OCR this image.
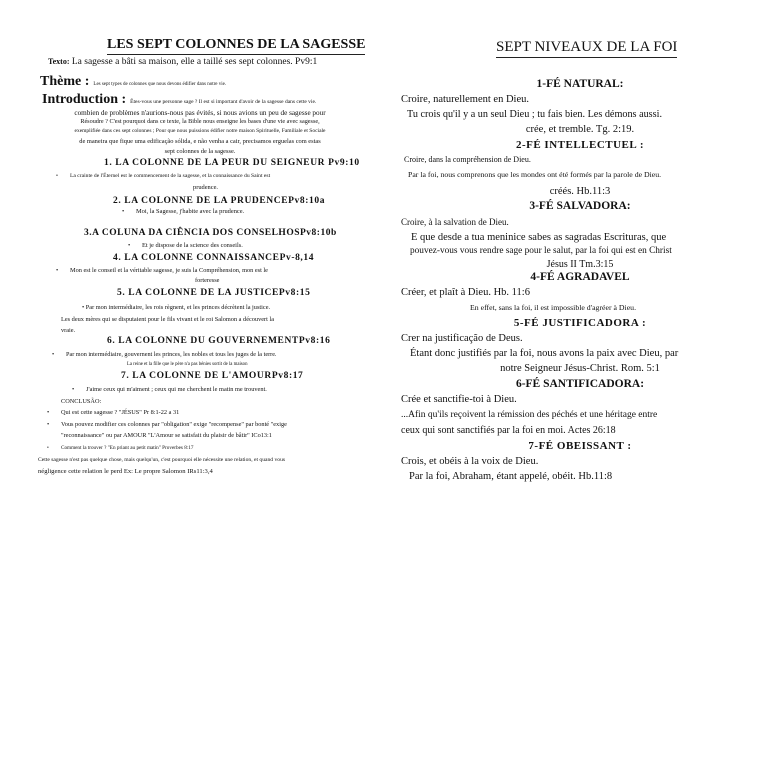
LES SEPT COLONNES DE LA SAGESSE
Texto: La sagesse a bâti sa maison, elle a taillé ses sept colonnes. Pv9:1
Thème : Les sept types de colonnes que nous devons édifier dans notre vie.
Introduction : Êtes-vous une personne sage ? Il est si important d'avoir de la sagesse dans cette vie.
combien de problèmes n'aurions-nous pas évités, si nous avions un peu de sagesse pour
Résoudre ? C'est pourquoi dans ce texte, la Bible nous enseigne les bases d'une vie avec sagesse,
exemplifiée dans ces sept colonnes ; Pour que nous puissions édifier notre maison Spirituelle, Familiale et Sociale
de maneira que fique uma edificação sólida, e não venha a cair, precisamos erguelas com estas
sept colonnes de la sagesse.
1. LA COLONNE DE LA PEUR DU SEIGNEUR Pv9:10
• La crainte de l'Éternel est le commencement de la sagesse, et la connaissance du Saint est
prudence.
2. LA COLONNE DE LA PRUDENCEPv8:10a
• Moi, la Sagesse, j'habite avec la prudence.
3.A COLUNA DA CIÊNCIA DOS CONSELHOSPv8:10b
• Et je dispose de la science des conseils.
4. LA COLONNE CONNAISSANCEPv-8,14
• Mon est le conseil et la véritable sagesse, je suis la Compréhension, mon est le
forteresse
5. LA COLONNE DE LA JUSTICEPv8:15
• Par mon intermédiaire, les rois règnent, et les princes décrètent la justice.
Les deux mères qui se disputaient pour le fils vivant et le roi Salomon a découvert la
vraie.
6. LA COLONNE DU GOUVERNEMENTPv8:16
• Par mon intermédiaire, gouvernent les princes, les nobles et tous les juges de la terre.
La reine et la fille que le père n'a pas bénies sortit de la maison
7. LA COLONNE DE L'AMOURPv8:17
• J'aime ceux qui m'aiment ; ceux qui me cherchent le matin me trouvent.
CONCLUSÃO:
• Qui est cette sagesse ? "JÉSUS" Pr 8:1-22 a 31
• Vous pouvez modifier ces colonnes par "obligation" exige "recompense" par bonté "exige
"reconnaissance" ou par AMOUR "L'Amour se satisfait du plaisir de bâtir" ICo13:1
• Comment la trouver ? "En priant au petit matin" Proverbes 8:17
Cette sagesse n'est pas quelque chose, mais quelqu'un, c'est pourquoi elle nécessite une relation, et quand vous
négligence cette relation le perd Ex: Le propre Salomon IRs11:3,4
SEPT NIVEAUX DE LA FOI
1-FÉ NATURAL:
Croire, naturellement en Dieu.
Tu crois qu'il y a un seul Dieu ; tu fais bien. Les démons aussi.
crée, et tremble. Tg. 2:19.
2-FÉ INTELLECTUEL :
Croire, dans la compréhension de Dieu.
Par la foi, nous comprenons que les mondes ont été formés par la parole de Dieu.
créés. Hb.11:3
3-FÉ SALVADORA:
Croire, à la salvation de Dieu.
E que desde a tua meninice sabes as sagradas Escrituras, que
pouvez-vous vous rendre sage pour le salut, par la foi qui est en Christ
Jésus II Tm.3:15
4-FÉ AGRADAVEL
Créer, et plaît à Dieu. Hb. 11:6
En effet, sans la foi, il est impossible d'agréer à Dieu.
5-FÉ JUSTIFICADORA :
Crer na justificação de Deus.
Étant donc justifiés par la foi, nous avons la paix avec Dieu, par
notre Seigneur Jésus-Christ. Rom. 5:1
6-FÉ SANTIFICADORA:
Crée et sanctifie-toi à Dieu.
...Afin qu'ils reçoivent la rémission des péchés et une héritage entre
ceux qui sont sanctifiés par la foi en moi. Actes 26:18
7-FÉ OBEISSANT :
Crois, et obéis à la voix de Dieu.
Par la foi, Abraham, étant appelé, obéit. Hb.11:8
